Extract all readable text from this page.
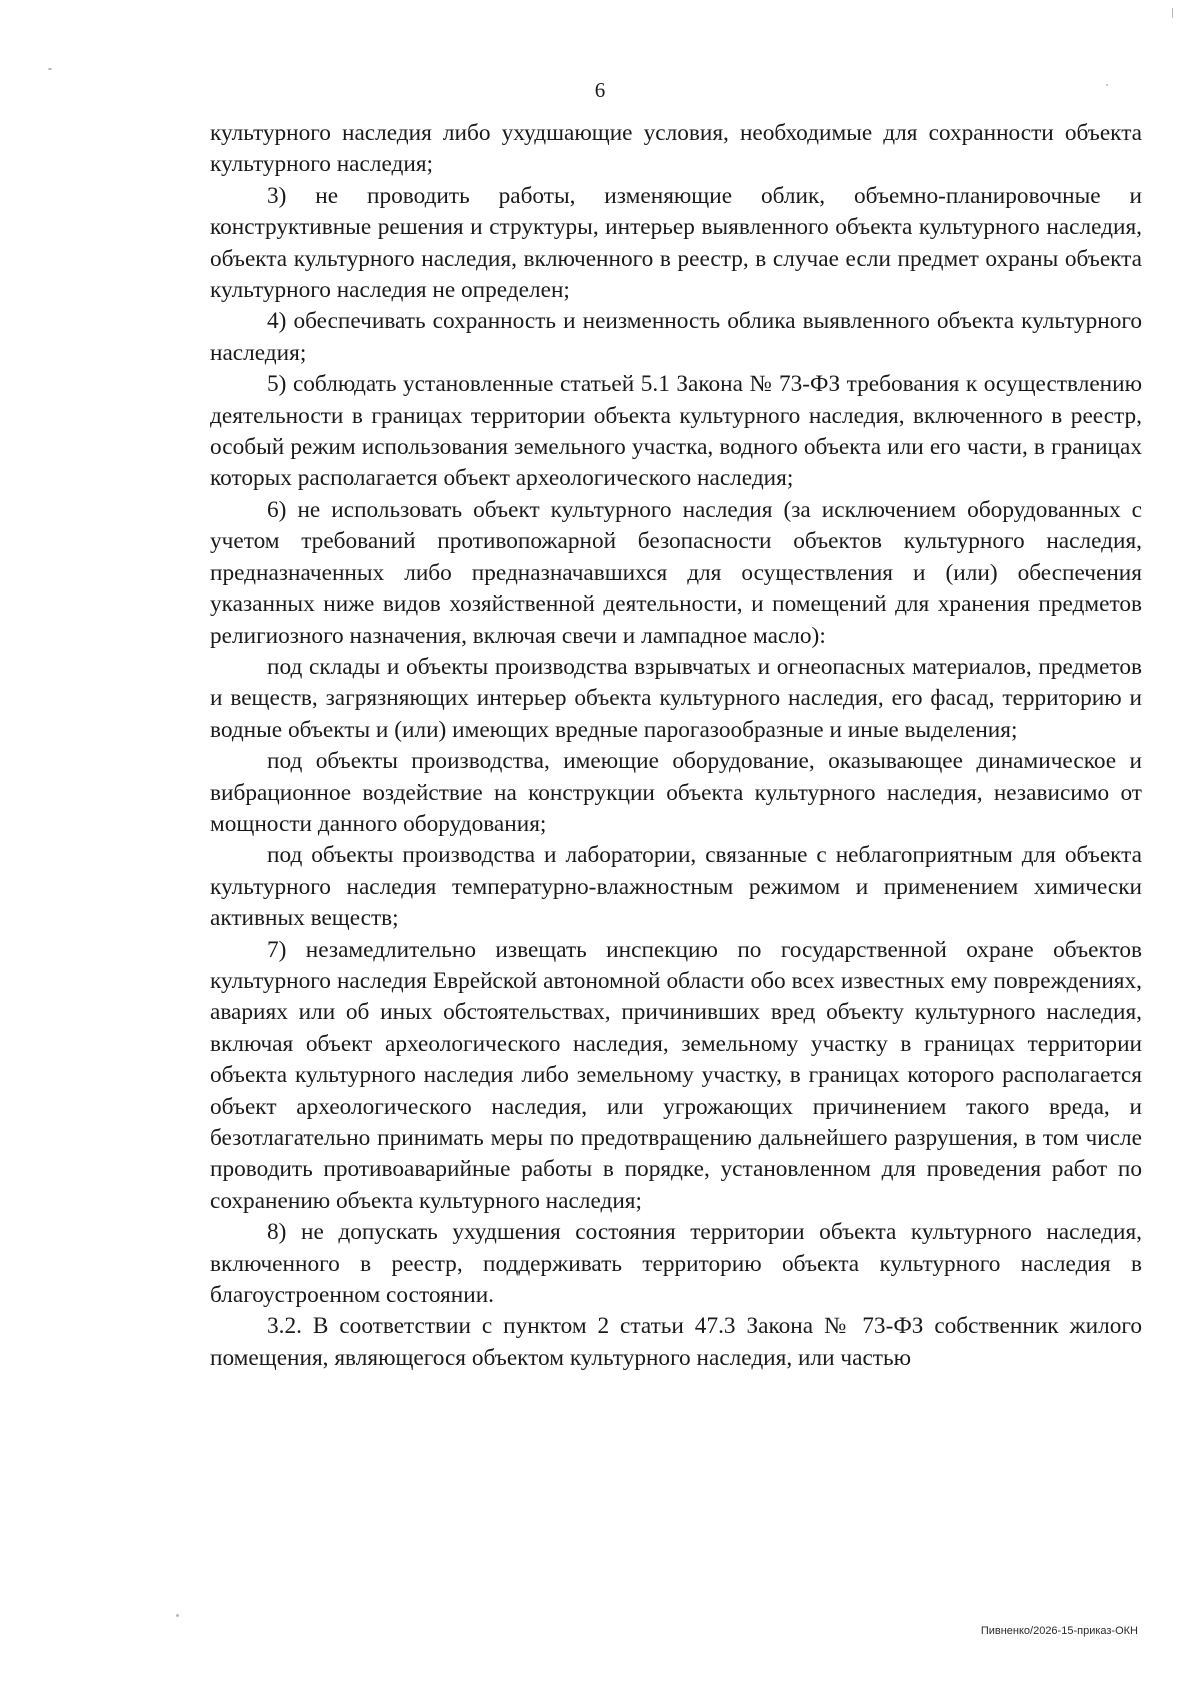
6

культурного наследия либо ухудшающие условия, необходимые для сохранности объекта культурного наследия;

3) не проводить работы, изменяющие облик, объемно-планировочные и конструктивные решения и структуры, интерьер выявленного объекта культурного наследия, объекта культурного наследия, включенного в реестр, в случае если предмет охраны объекта культурного наследия не определен;

4) обеспечивать сохранность и неизменность облика выявленного объекта культурного наследия;

5) соблюдать установленные статьей 5.1 Закона № 73-ФЗ требования к осуществлению деятельности в границах территории объекта культурного наследия, включенного в реестр, особый режим использования земельного участка, водного объекта или его части, в границах которых располагается объект археологического наследия;

6) не использовать объект культурного наследия (за исключением оборудованных с учетом требований противопожарной безопасности объектов культурного наследия, предназначенных либо предназначавшихся для осуществления и (или) обеспечения указанных ниже видов хозяйственной деятельности, и помещений для хранения предметов религиозного назначения, включая свечи и лампадное масло):

под склады и объекты производства взрывчатых и огнеопасных материалов, предметов и веществ, загрязняющих интерьер объекта культурного наследия, его фасад, территорию и водные объекты и (или) имеющих вредные парогазообразные и иные выделения;

под объекты производства, имеющие оборудование, оказывающее динамическое и вибрационное воздействие на конструкции объекта культурного наследия, независимо от мощности данного оборудования;

под объекты производства и лаборатории, связанные с неблагоприятным для объекта культурного наследия температурно-влажностным режимом и применением химически активных веществ;

7) незамедлительно извещать инспекцию по государственной охране объектов культурного наследия Еврейской автономной области обо всех известных ему повреждениях, авариях или об иных обстоятельствах, причинивших вред объекту культурного наследия, включая объект археологического наследия, земельному участку в границах территории объекта культурного наследия либо земельному участку, в границах которого располагается объект археологического наследия, или угрожающих причинением такого вреда, и безотлагательно принимать меры по предотвращению дальнейшего разрушения, в том числе проводить противоаварийные работы в порядке, установленном для проведения работ по сохранению объекта культурного наследия;

8) не допускать ухудшения состояния территории объекта культурного наследия, включенного в реестр, поддерживать территорию объекта культурного наследия в благоустроенном состоянии.

3.2. В соответствии с пунктом 2 статьи 47.3 Закона № 73-ФЗ собственник жилого помещения, являющегося объектом культурного наследия, или частью

Пивненко/2026-15-приказ-ОКН
